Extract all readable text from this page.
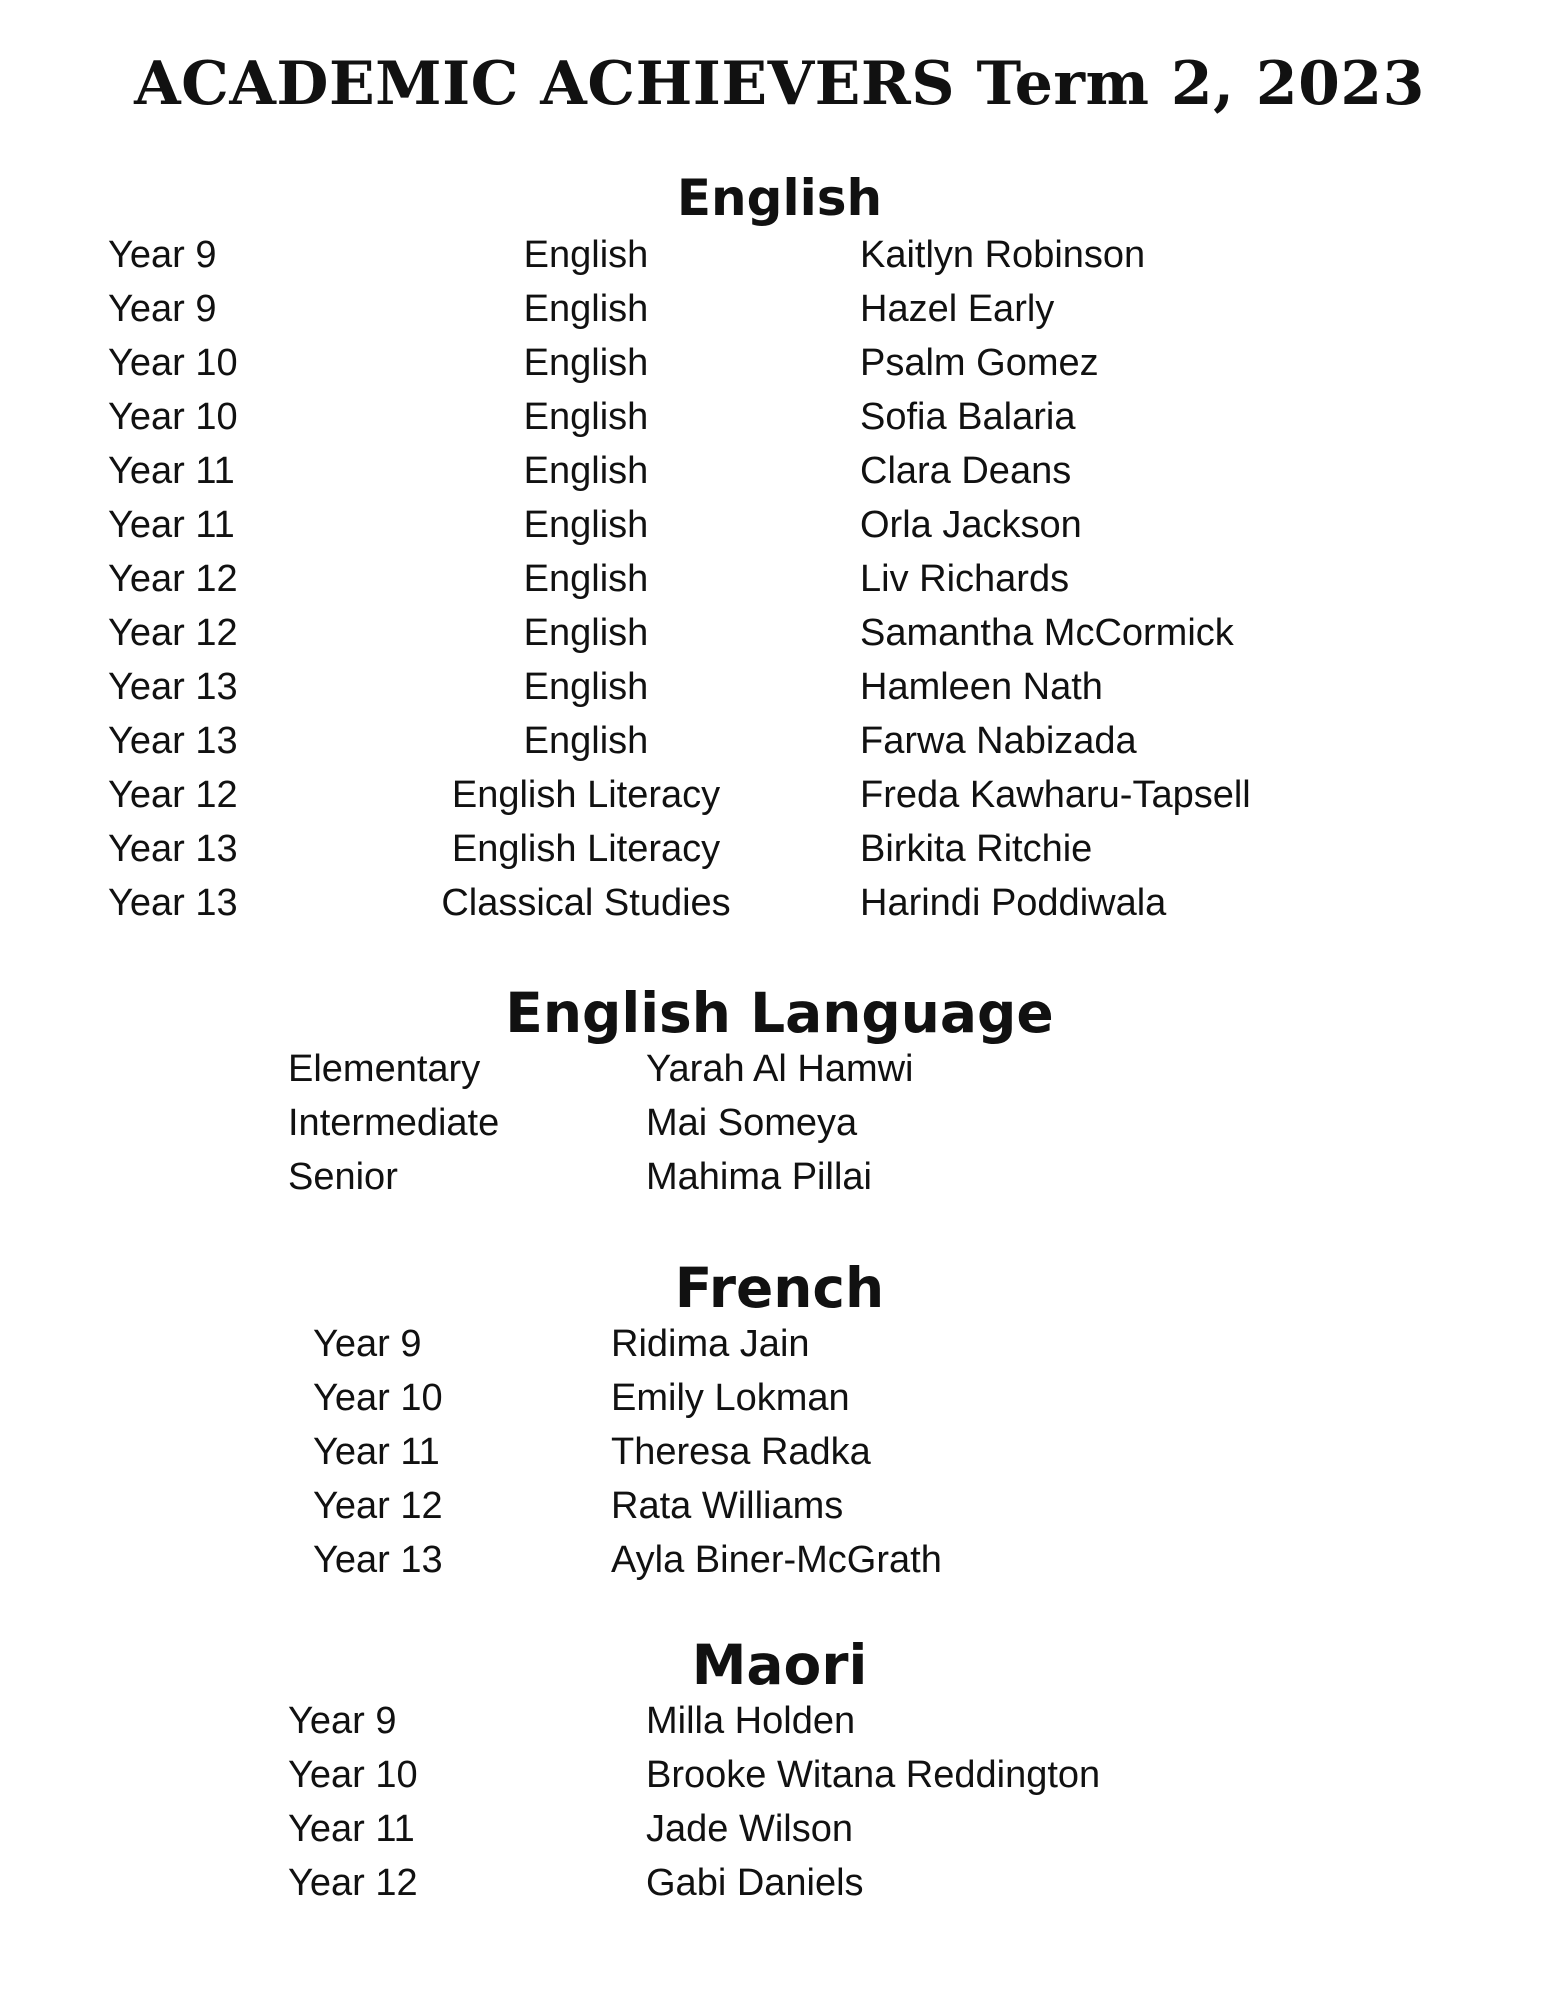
ACADEMIC ACHIEVERS Term 2, 2023
English
Year 9	English	Kaitlyn Robinson
Year 9	English	Hazel Early
Year 10	English	Psalm Gomez
Year 10	English	Sofia Balaria
Year 11	English	Clara Deans
Year 11	English	Orla Jackson
Year 12	English	Liv Richards
Year 12	English	Samantha McCormick
Year 13	English	Hamleen Nath
Year 13	English	Farwa Nabizada
Year 12	English Literacy	Freda Kawharu-Tapsell
Year 13	English Literacy	Birkita Ritchie
Year 13	Classical Studies	Harindi Poddiwala
English Language
Elementary	Yarah Al Hamwi
Intermediate	Mai Someya
Senior	Mahima Pillai
French
Year 9	Ridima Jain
Year 10	Emily Lokman
Year 11	Theresa Radka
Year 12	Rata Williams
Year 13	Ayla Biner-McGrath
Maori
Year 9	Milla Holden
Year 10	Brooke Witana Reddington
Year 11	Jade Wilson
Year 12	Gabi Daniels
